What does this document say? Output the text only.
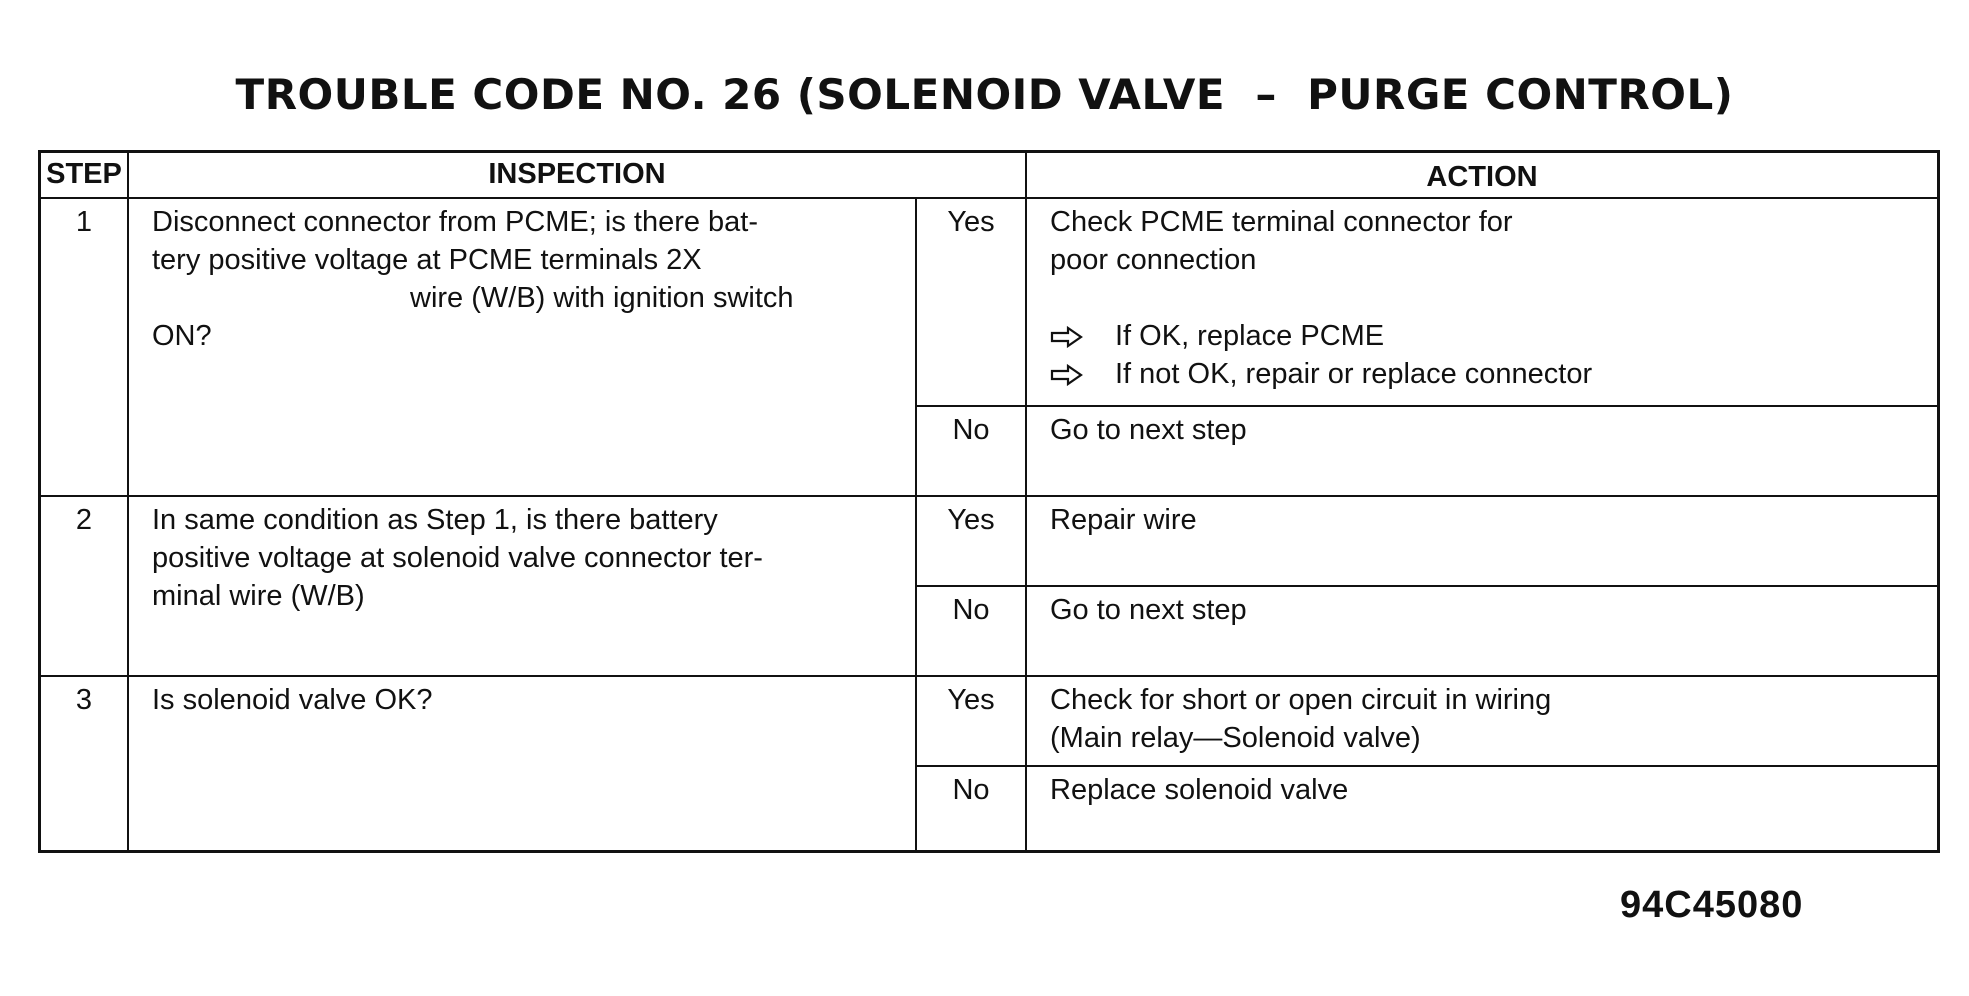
TROUBLE CODE NO. 26 (SOLENOID VALVE  –  PURGE CONTROL)
STEP	INSPECTION	ACTION
1	Disconnect connector from PCME; is there bat-
tery positive voltage at PCME terminals 2X
wire (W/B) with ignition switch
ON?
Yes	Check PCME terminal connector for
poor connection
If OK, replace PCME
If not OK, repair or replace connector
No	Go to next step
2	In same condition as Step 1, is there battery
positive voltage at solenoid valve connector ter-
minal wire (W/B)
Yes	Repair wire
No	Go to next step
3	Is solenoid valve OK?	Yes	Check for short or open circuit in wiring
(Main relay—Solenoid valve)
No	Replace solenoid valve
94C45080
